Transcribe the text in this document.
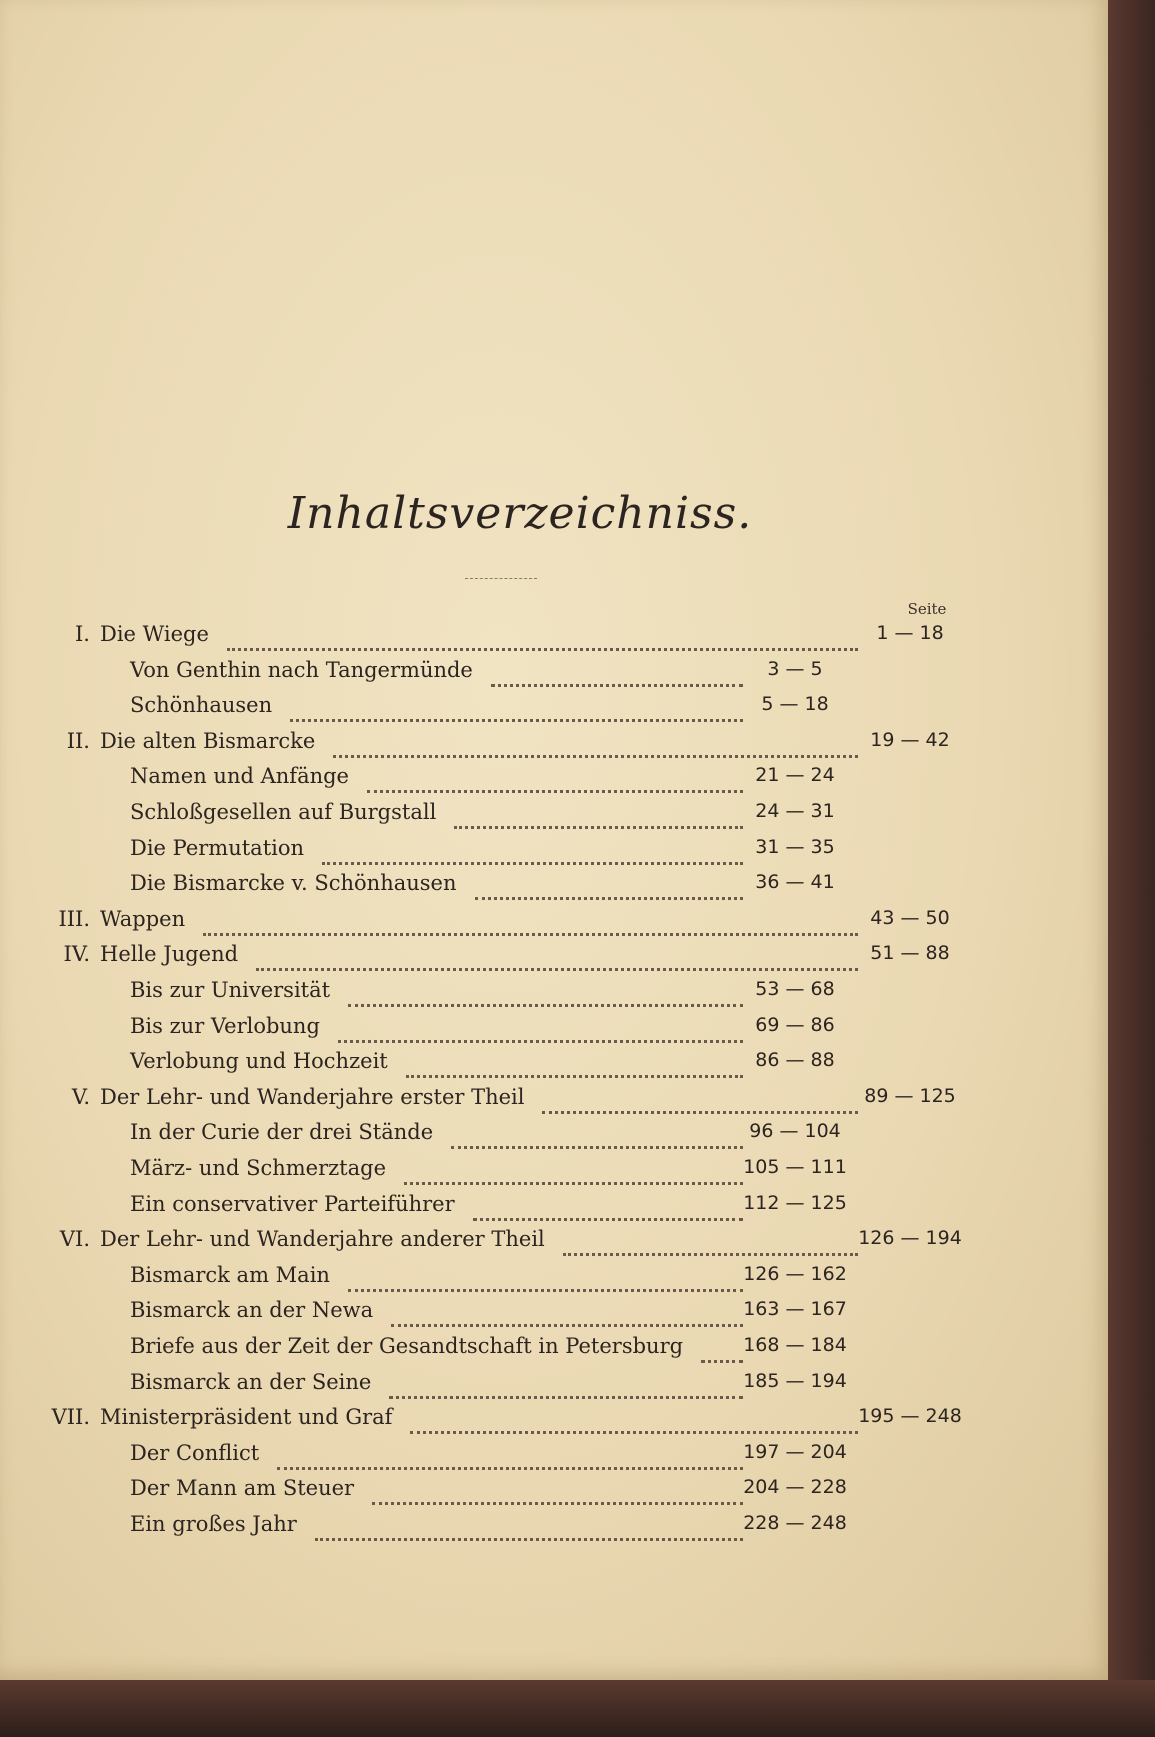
Inhaltsverzeichniss.
Seite
I. Die Wiege	1 — 18
Von Genthin nach Tangermünde	3 — 5
Schönhausen	5 — 18
II. Die alten Bismarcke	19 — 42
Namen und Anfänge	21 — 24
Schloßgesellen auf Burgstall	24 — 31
Die Permutation	31 — 35
Die Bismarcke v. Schönhausen	36 — 41
III. Wappen	43 — 50
IV. Helle Jugend	51 — 88
Bis zur Universität	53 — 68
Bis zur Verlobung	69 — 86
Verlobung und Hochzeit	86 — 88
V. Der Lehr- und Wanderjahre erster Theil	89 — 125
In der Curie der drei Stände	96 — 104
März- und Schmerztage	105 — 111
Ein conservativer Parteiführer	112 — 125
VI. Der Lehr- und Wanderjahre anderer Theil	126 — 194
Bismarck am Main	126 — 162
Bismarck an der Newa	163 — 167
Briefe aus der Zeit der Gesandtschaft in Petersburg	168 — 184
Bismarck an der Seine	185 — 194
VII. Ministerpräsident und Graf	195 — 248
Der Conflict	197 — 204
Der Mann am Steuer	204 — 228
Ein großes Jahr	228 — 248
